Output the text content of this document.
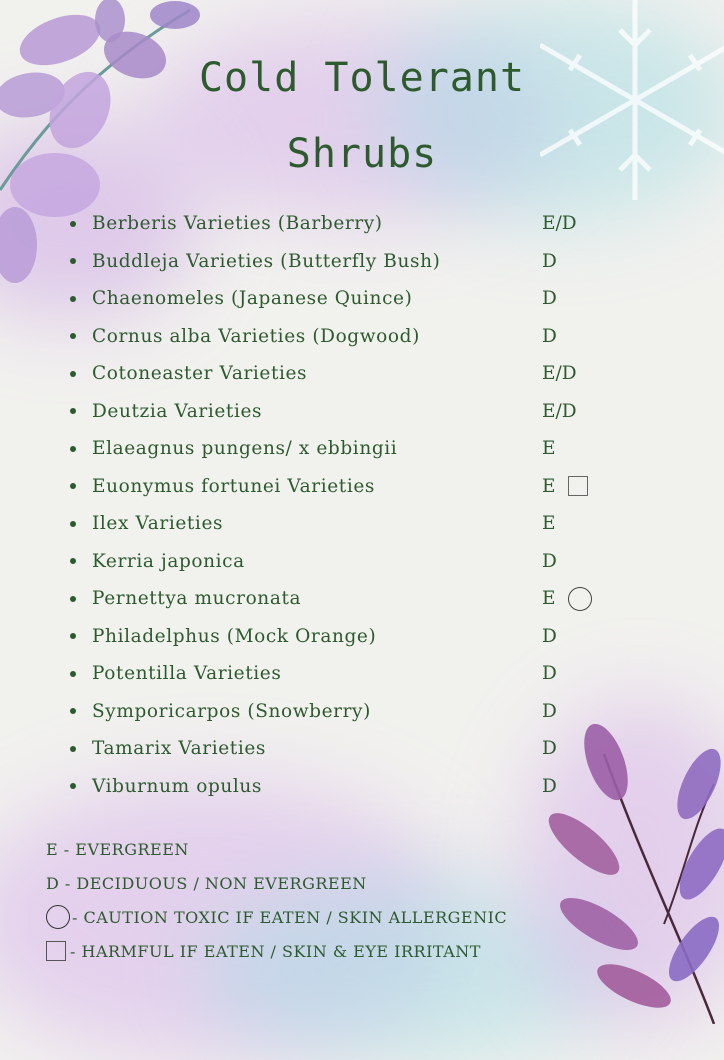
Cold Tolerant
Shrubs
Berberis Varieties (Barberry)	E/D
Buddleja Varieties (Butterfly Bush)	D
Chaenomeles (Japanese Quince)	D
Cornus alba Varieties (Dogwood)	D
Cotoneaster Varieties	E/D
Deutzia Varieties	E/D
Elaeagnus pungens/ x ebbingii	E
Euonymus fortunei Varieties	E
Ilex Varieties	E
Kerria japonica	D
Pernettya mucronata	E
Philadelphus (Mock Orange)	D
Potentilla Varieties	D
Symporicarpos (Snowberry)	D
Tamarix Varieties	D
Viburnum opulus	D
E - EVERGREEN
D - DECIDUOUS / NON EVERGREEN
- CAUTION TOXIC IF EATEN / SKIN ALLERGENIC
- HARMFUL IF EATEN / SKIN & EYE IRRITANT
